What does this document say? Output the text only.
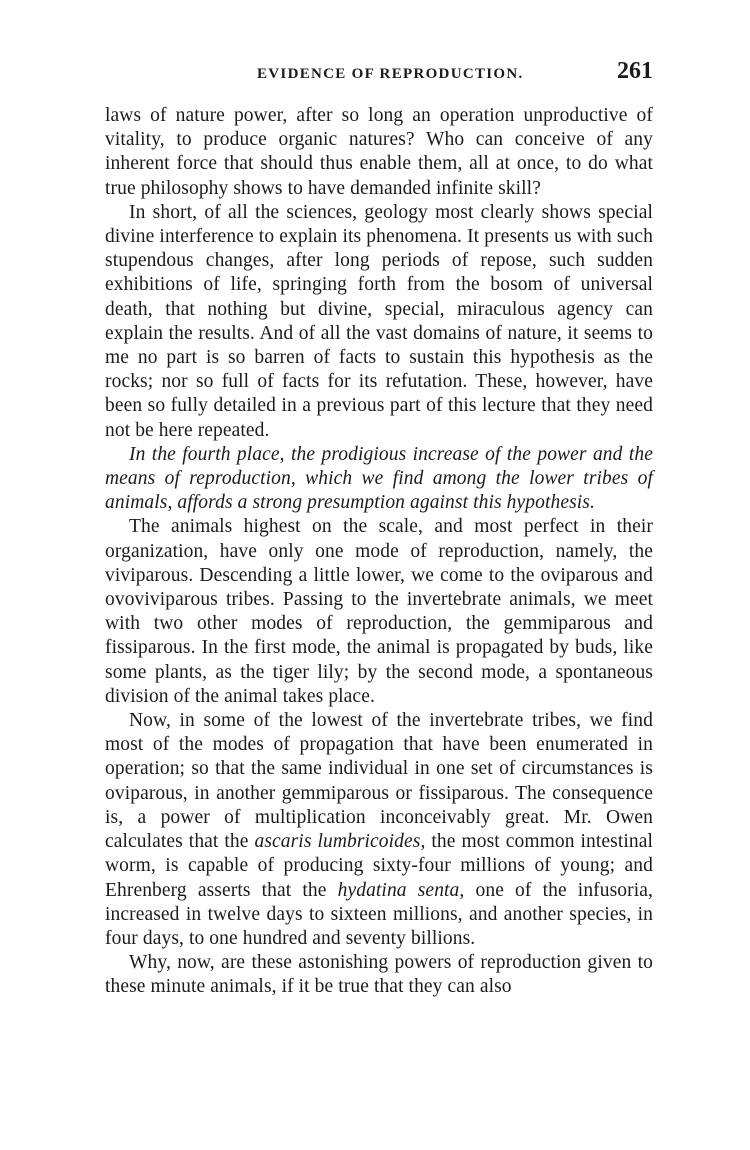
EVIDENCE OF REPRODUCTION.	261

laws of nature power, after so long an operation unproductive of vitality, to produce organic natures? Who can conceive of any inherent force that should thus enable them, all at once, to do what true philosophy shows to have demanded infinite skill?

In short, of all the sciences, geology most clearly shows special divine interference to explain its phenomena. It presents us with such stupendous changes, after long periods of repose, such sudden exhibitions of life, springing forth from the bosom of universal death, that nothing but divine, special, miraculous agency can explain the results. And of all the vast domains of nature, it seems to me no part is so barren of facts to sustain this hypothesis as the rocks; nor so full of facts for its refutation. These, however, have been so fully detailed in a previous part of this lecture that they need not be here repeated.

In the fourth place, the prodigious increase of the power and the means of reproduction, which we find among the lower tribes of animals, affords a strong presumption against this hypothesis.

The animals highest on the scale, and most perfect in their organization, have only one mode of reproduction, namely, the viviparous. Descending a little lower, we come to the oviparous and ovoviviparous tribes. Passing to the invertebrate animals, we meet with two other modes of reproduction, the gemmiparous and fissiparous. In the first mode, the animal is propagated by buds, like some plants, as the tiger lily; by the second mode, a spontaneous division of the animal takes place.

Now, in some of the lowest of the invertebrate tribes, we find most of the modes of propagation that have been enumerated in operation; so that the same individual in one set of circumstances is oviparous, in another gemmiparous or fissiparous. The consequence is, a power of multiplication inconceivably great. Mr. Owen calculates that the ascaris lumbricoides, the most common intestinal worm, is capable of producing sixty-four millions of young; and Ehrenberg asserts that the hydatina senta, one of the infusoria, increased in twelve days to sixteen millions, and another species, in four days, to one hundred and seventy billions.

Why, now, are these astonishing powers of reproduction given to these minute animals, if it be true that they can also
